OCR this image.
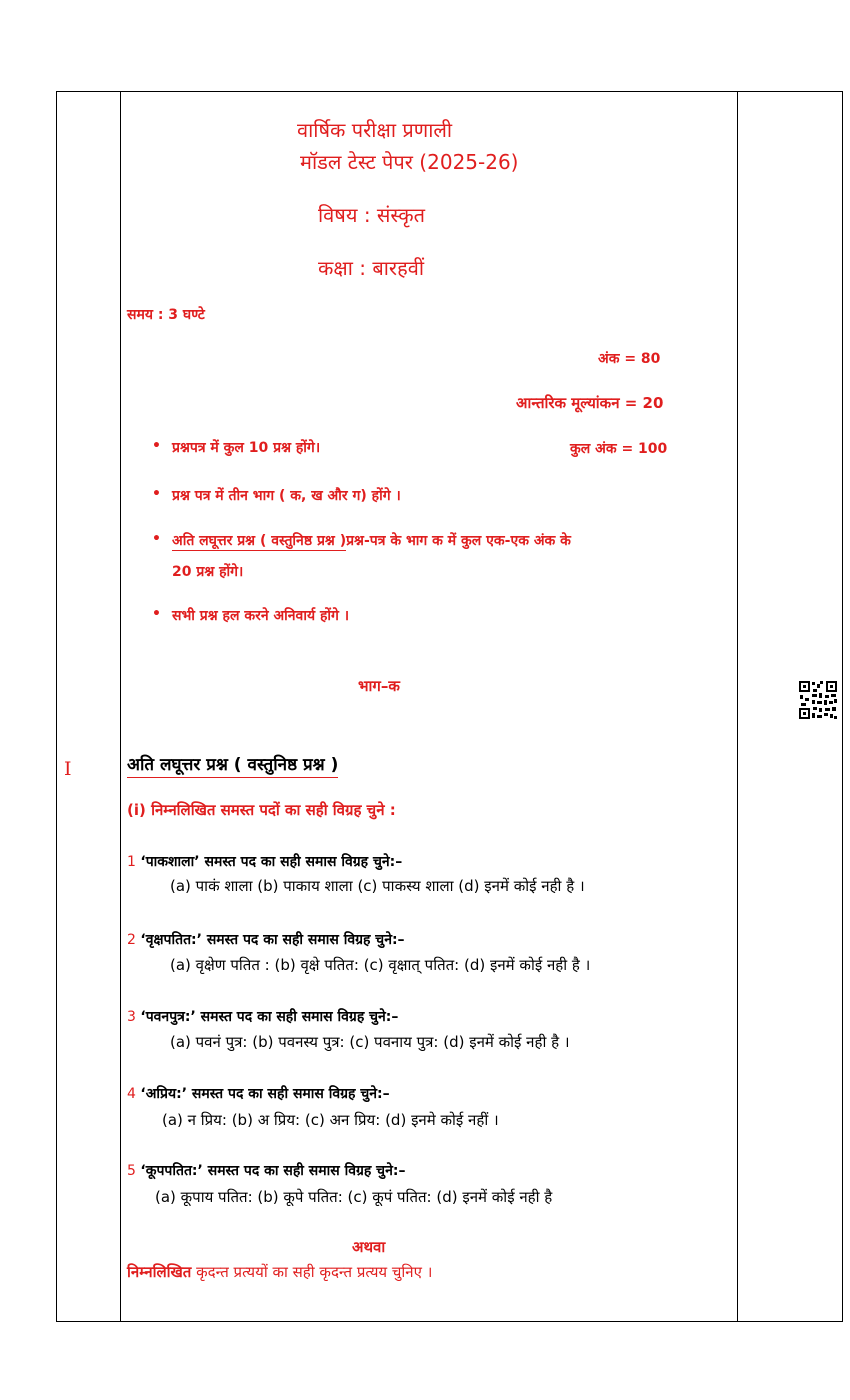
वार्षिक परीक्षा प्रणाली
मॉडल टेस्ट पेपर (2025-26)
विषय : संस्कृत
कक्षा : बारहवीं
समय : 3 घण्टे
अंक = 80
आन्तरिक मूल्यांकन = 20
कुल अंक = 100
• प्रश्नपत्र में कुल 10 प्रश्न होंगे।
• प्रश्न पत्र में तीन भाग ( क, ख और ग) होंगे ।
• अति लघूत्तर प्रश्न ( वस्तुनिष्ठ प्रश्न )प्रश्न-पत्र के भाग क में कुल एक-एक अंक के
20 प्रश्न होंगे।
• सभी प्रश्न हल करने अनिवार्य होंगे ।
भाग–क
I	अति लघूत्तर प्रश्न ( वस्तुनिष्ठ प्रश्न )
(i) निम्नलिखित समस्त पदों का सही विग्रह चुने :
1 ‘पाकशाला’ समस्त पद का सही समास विग्रह चुने:–
(a) पाकं शाला (b) पाकाय शाला (c) पाकस्य शाला (d) इनमें कोई नही है ।
2 ‘वृक्षपतित:’ समस्त पद का सही समास विग्रह चुने:–
(a) वृक्षेण पतित : (b) वृक्षे पतित: (c) वृक्षात् पतित: (d) इनमें कोई नही है ।
3 ‘पवनपुत्र:’ समस्त पद का सही समास विग्रह चुने:–
(a) पवनं पुत्र: (b) पवनस्य पुत्र: (c) पवनाय पुत्र: (d) इनमें कोई नही है ।
4 ‘अप्रिय:’ समस्त पद का सही समास विग्रह चुने:–
(a) न प्रिय: (b) अ प्रिय: (c) अन प्रिय: (d) इनमे कोई नहीं ।
5 ‘कूपपतित:’ समस्त पद का सही समास विग्रह चुने:–
(a) कूपाय पतित: (b) कूपे पतित: (c) कूपं पतित: (d) इनमें कोई नही है
अथवा
निम्नलिखित कृदन्त प्रत्ययों का सही कृदन्त प्रत्यय चुनिए ।
